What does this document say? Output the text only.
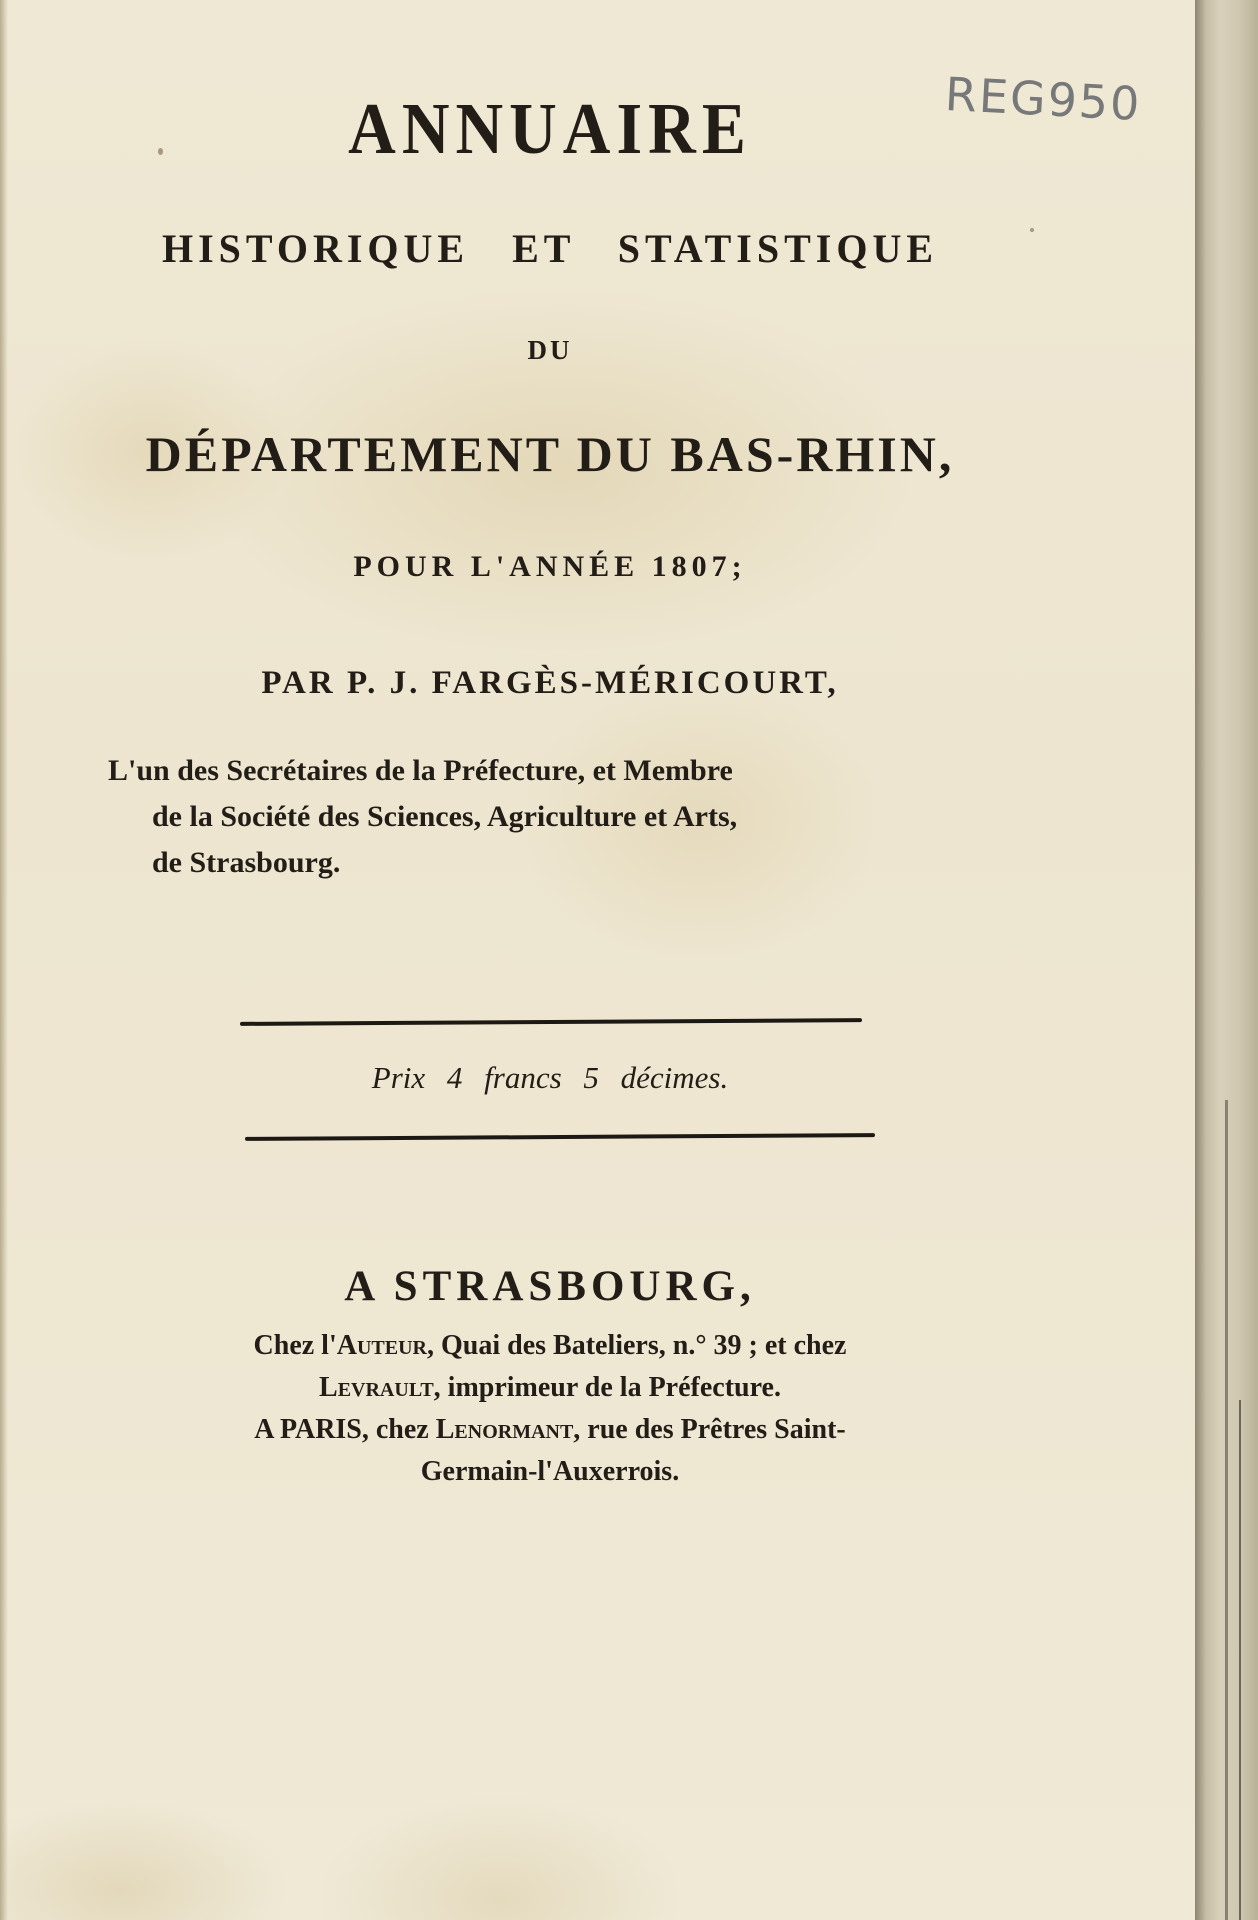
REG950
ANNUAIRE
HISTORIQUE ET STATISTIQUE
DU
DÉPARTEMENT DU BAS-RHIN,
POUR L'ANNÉE 1807;
PAR P. J. FARGÈS-MÉRICOURT,
L'un des Secrétaires de la Préfecture, et Membre
de la Société des Sciences, Agriculture et Arts,
de Strasbourg.
Prix 4 francs 5 décimes.
A STRASBOURG,
Chez l'Auteur, Quai des Bateliers, n.° 39 ; et chez
Levrault, imprimeur de la Préfecture.
A PARIS, chez Lenormant, rue des Prêtres Saint-
Germain-l'Auxerrois.
